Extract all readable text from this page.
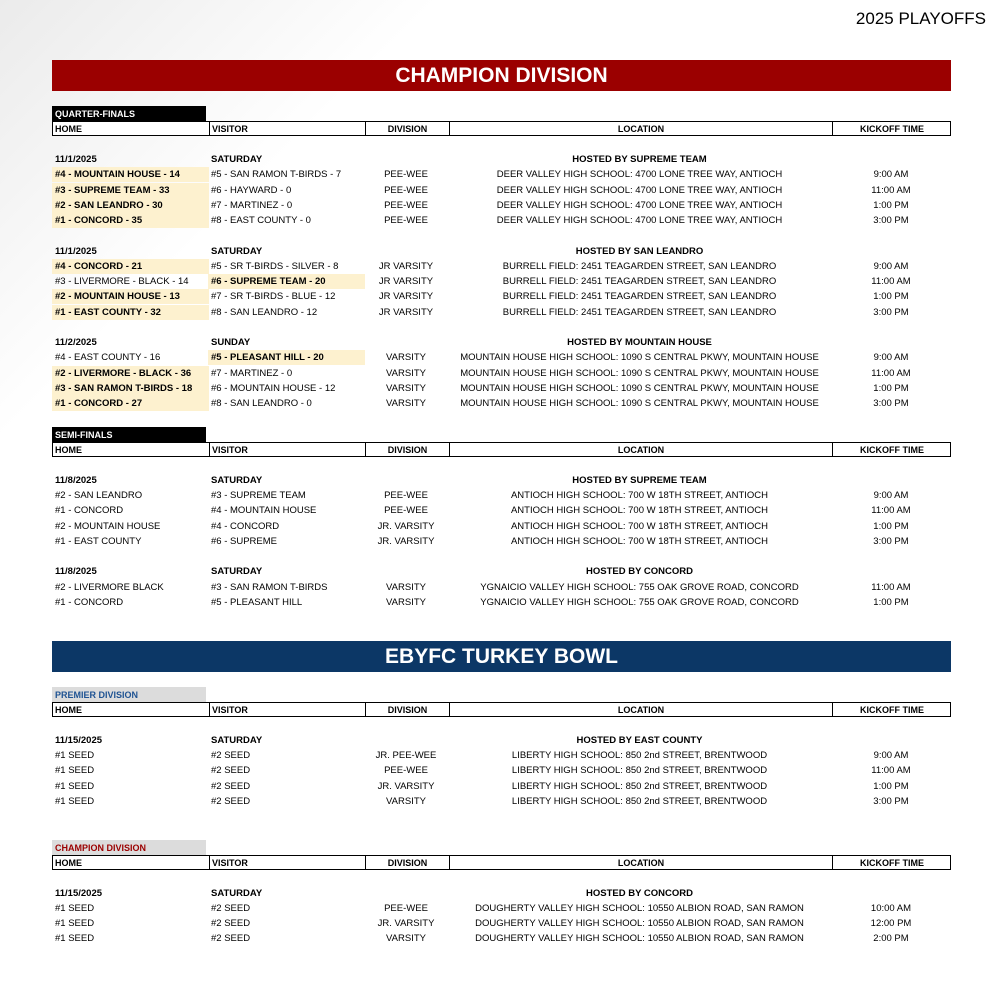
2025 PLAYOFFS
CHAMPION DIVISION
QUARTER-FINALS
HOME	VISITOR	DIVISION	LOCATION	KICKOFF TIME
11/1/2025	SATURDAY	HOSTED BY SUPREME TEAM
#4 - MOUNTAIN HOUSE - 14	#5 - SAN RAMON T-BIRDS - 7	PEE-WEE	DEER VALLEY HIGH SCHOOL: 4700 LONE TREE WAY, ANTIOCH	9:00 AM
#3 - SUPREME TEAM - 33	#6 - HAYWARD - 0	PEE-WEE	DEER VALLEY HIGH SCHOOL: 4700 LONE TREE WAY, ANTIOCH	11:00 AM
#2 - SAN LEANDRO - 30	#7 - MARTINEZ - 0	PEE-WEE	DEER VALLEY HIGH SCHOOL: 4700 LONE TREE WAY, ANTIOCH	1:00 PM
#1 - CONCORD - 35	#8 - EAST COUNTY - 0	PEE-WEE	DEER VALLEY HIGH SCHOOL: 4700 LONE TREE WAY, ANTIOCH	3:00 PM
11/1/2025	SATURDAY	HOSTED BY SAN LEANDRO
#4 - CONCORD - 21	#5 - SR T-BIRDS - SILVER - 8	JR VARSITY	BURRELL FIELD: 2451 TEAGARDEN STREET, SAN LEANDRO	9:00 AM
#3 - LIVERMORE - BLACK - 14	#6 - SUPREME TEAM - 20	JR VARSITY	BURRELL FIELD: 2451 TEAGARDEN STREET, SAN LEANDRO	11:00 AM
#2 - MOUNTAIN HOUSE - 13	#7 - SR T-BIRDS - BLUE - 12	JR VARSITY	BURRELL FIELD: 2451 TEAGARDEN STREET, SAN LEANDRO	1:00 PM
#1 - EAST COUNTY - 32	#8 - SAN LEANDRO - 12	JR VARSITY	BURRELL FIELD: 2451 TEAGARDEN STREET, SAN LEANDRO	3:00 PM
11/2/2025	SUNDAY	HOSTED BY MOUNTAIN HOUSE
#4 - EAST COUNTY - 16	#5 - PLEASANT HILL - 20	VARSITY	MOUNTAIN HOUSE HIGH SCHOOL: 1090 S CENTRAL PKWY, MOUNTAIN HOUSE	9:00 AM
#2 - LIVERMORE - BLACK - 36	#7 - MARTINEZ - 0	VARSITY	MOUNTAIN HOUSE HIGH SCHOOL: 1090 S CENTRAL PKWY, MOUNTAIN HOUSE	11:00 AM
#3 - SAN RAMON T-BIRDS - 18	#6 - MOUNTAIN HOUSE - 12	VARSITY	MOUNTAIN HOUSE HIGH SCHOOL: 1090 S CENTRAL PKWY, MOUNTAIN HOUSE	1:00 PM
#1 - CONCORD - 27	#8 - SAN LEANDRO - 0	VARSITY	MOUNTAIN HOUSE HIGH SCHOOL: 1090 S CENTRAL PKWY, MOUNTAIN HOUSE	3:00 PM
SEMI-FINALS
HOME	VISITOR	DIVISION	LOCATION	KICKOFF TIME
11/8/2025	SATURDAY	HOSTED BY SUPREME TEAM
#2 - SAN LEANDRO	#3 - SUPREME TEAM	PEE-WEE	ANTIOCH HIGH SCHOOL: 700 W 18TH STREET, ANTIOCH	9:00 AM
#1 - CONCORD	#4 - MOUNTAIN HOUSE	PEE-WEE	ANTIOCH HIGH SCHOOL: 700 W 18TH STREET, ANTIOCH	11:00 AM
#2 - MOUNTAIN HOUSE	#4 - CONCORD	JR. VARSITY	ANTIOCH HIGH SCHOOL: 700 W 18TH STREET, ANTIOCH	1:00 PM
#1 - EAST COUNTY	#6 - SUPREME	JR. VARSITY	ANTIOCH HIGH SCHOOL: 700 W 18TH STREET, ANTIOCH	3:00 PM
11/8/2025	SATURDAY	HOSTED BY CONCORD
#2 - LIVERMORE BLACK	#3 - SAN RAMON T-BIRDS	VARSITY	YGNAICIO VALLEY HIGH SCHOOL: 755 OAK GROVE ROAD, CONCORD	11:00 AM
#1 - CONCORD	#5 - PLEASANT HILL	VARSITY	YGNAICIO VALLEY HIGH SCHOOL: 755 OAK GROVE ROAD, CONCORD	1:00 PM
EBYFC TURKEY BOWL
PREMIER DIVISION
HOME	VISITOR	DIVISION	LOCATION	KICKOFF TIME
11/15/2025	SATURDAY	HOSTED BY EAST COUNTY
#1 SEED	#2 SEED	JR. PEE-WEE	LIBERTY HIGH SCHOOL: 850 2nd STREET, BRENTWOOD	9:00 AM
#1 SEED	#2 SEED	PEE-WEE	LIBERTY HIGH SCHOOL: 850 2nd STREET, BRENTWOOD	11:00 AM
#1 SEED	#2 SEED	JR. VARSITY	LIBERTY HIGH SCHOOL: 850 2nd STREET, BRENTWOOD	1:00 PM
#1 SEED	#2 SEED	VARSITY	LIBERTY HIGH SCHOOL: 850 2nd STREET, BRENTWOOD	3:00 PM
CHAMPION DIVISION
HOME	VISITOR	DIVISION	LOCATION	KICKOFF TIME
11/15/2025	SATURDAY	HOSTED BY CONCORD
#1 SEED	#2 SEED	PEE-WEE	DOUGHERTY VALLEY HIGH SCHOOL: 10550 ALBION ROAD, SAN RAMON	10:00 AM
#1 SEED	#2 SEED	JR. VARSITY	DOUGHERTY VALLEY HIGH SCHOOL: 10550 ALBION ROAD, SAN RAMON	12:00 PM
#1 SEED	#2 SEED	VARSITY	DOUGHERTY VALLEY HIGH SCHOOL: 10550 ALBION ROAD, SAN RAMON	2:00 PM
